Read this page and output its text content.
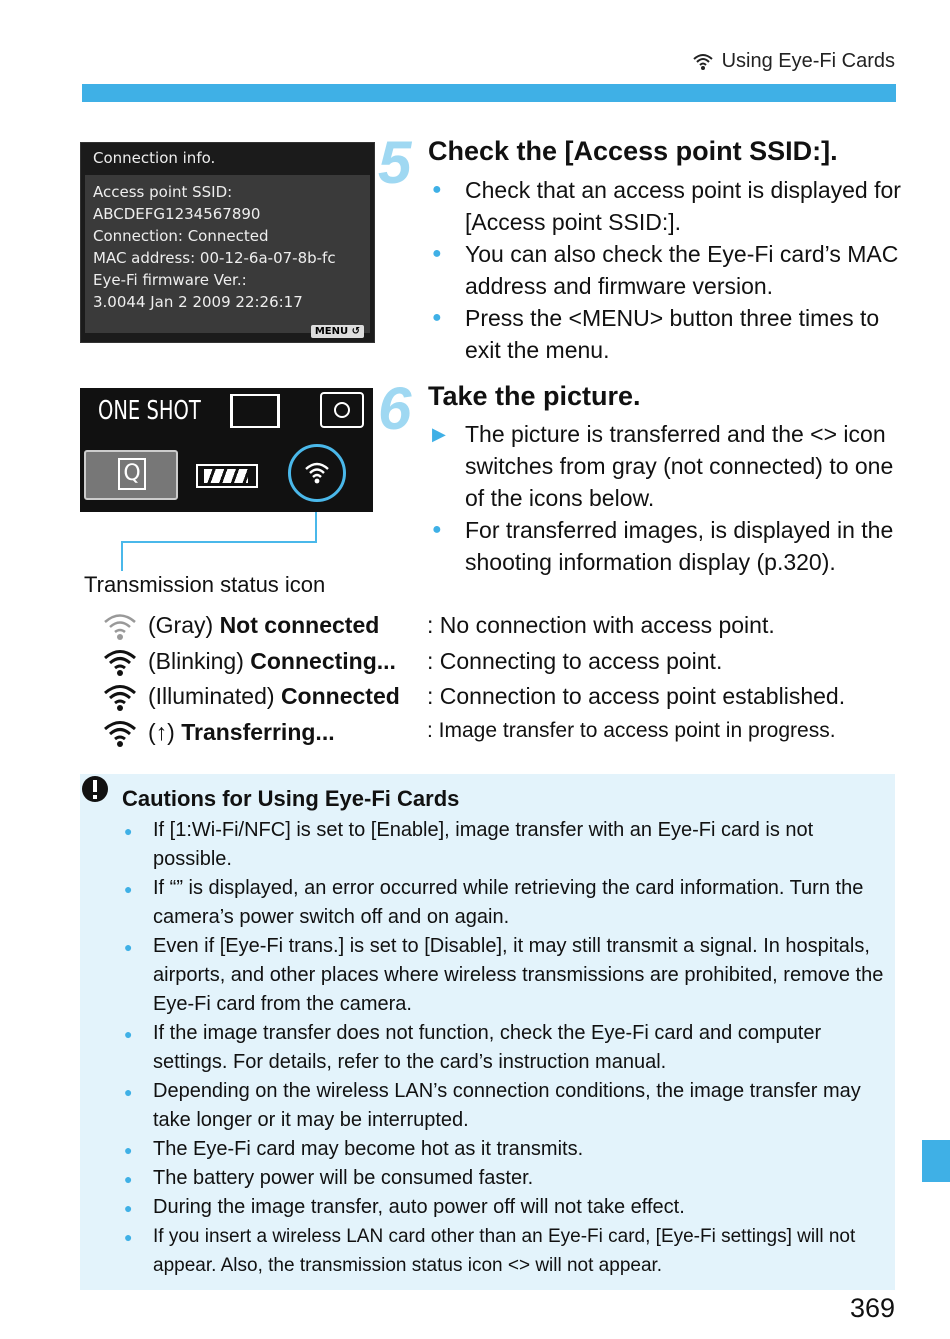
Using Eye-Fi Cards
Connection info.
Access point SSID:
ABCDEFG1234567890
Connection: Connected
MAC address: 00-12-6a-07-8b-fc
Eye-Fi firmware Ver.:
3.0044 Jan 2 2009 22:26:17
MENU ↺
ONE SHOT
Q
Transmission status icon
5 Check the [Access point SSID:].
● Check that an access point is displayed for [Access point SSID:].
● You can also check the Eye-Fi card’s MAC address and firmware version.
● Press the <MENU> button three times to exit the menu.
6 Take the picture.
▶ The picture is transferred and the <> icon switches from gray (not connected) to one of the icons below.
● For transferred images, is displayed in the shooting information display (p.320).
(Gray) Not connected : No connection with access point.
(Blinking) Connecting... : Connecting to access point.
(Illuminated) Connected : Connection to access point established.
(↑) Transferring...	: Image transfer to access point in progress.
Cautions for Using Eye-Fi Cards
● If [1:Wi-Fi/NFC] is set to [Enable], image transfer with an Eye-Fi card is not possible.
● If “” is displayed, an error occurred while retrieving the card information. Turn the camera’s power switch off and on again.
● Even if [Eye-Fi trans.] is set to [Disable], it may still transmit a signal. In hospitals, airports, and other places where wireless transmissions are prohibited, remove the Eye-Fi card from the camera.
● If the image transfer does not function, check the Eye-Fi card and computer settings. For details, refer to the card’s instruction manual.
● Depending on the wireless LAN’s connection conditions, the image transfer may take longer or it may be interrupted.
● The Eye-Fi card may become hot as it transmits.
● The battery power will be consumed faster.
● During the image transfer, auto power off will not take effect.
● If you insert a wireless LAN card other than an Eye-Fi card, [Eye-Fi settings] will not appear. Also, the transmission status icon <> will not appear.
369
